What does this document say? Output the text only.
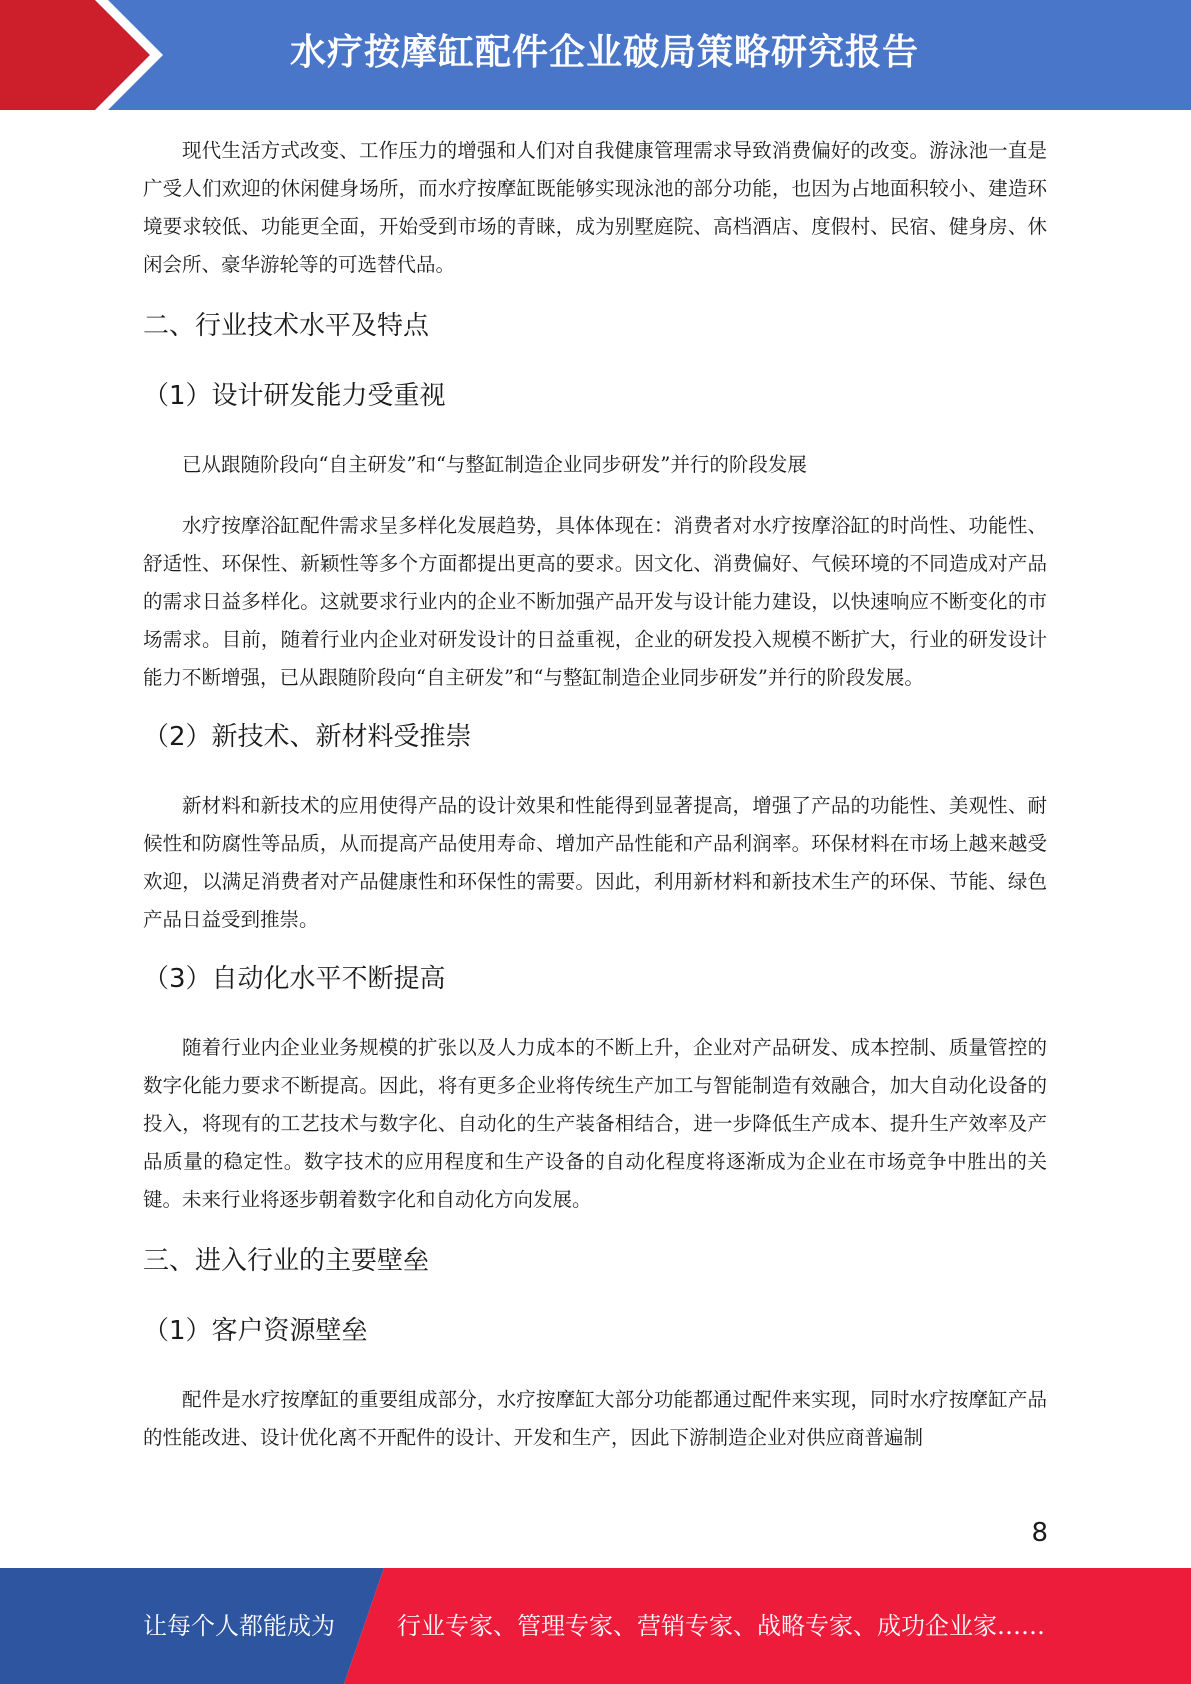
水疗按摩缸配件企业破局策略研究报告

现代生活方式改变、工作压力的增强和人们对自我健康管理需求导致消费偏好的改变。游泳池一直是广受人们欢迎的休闲健身场所，而水疗按摩缸既能够实现泳池的部分功能，也因为占地面积较小、建造环境要求较低、功能更全面，开始受到市场的青睐，成为别墅庭院、高档酒店、度假村、民宿、健身房、休闲会所、豪华游轮等的可选替代品。

二、行业技术水平及特点
（1）设计研发能力受重视

已从跟随阶段向“自主研发”和“与整缸制造企业同步研发”并行的阶段发展

水疗按摩浴缸配件需求呈多样化发展趋势，具体体现在：消费者对水疗按摩浴缸的时尚性、功能性、舒适性、环保性、新颖性等多个方面都提出更高的要求。因文化、消费偏好、气候环境的不同造成对产品的需求日益多样化。这就要求行业内的企业不断加强产品开发与设计能力建设，以快速响应不断变化的市场需求。目前，随着行业内企业对研发设计的日益重视，企业的研发投入规模不断扩大，行业的研发设计能力不断增强，已从跟随阶段向“自主研发”和“与整缸制造企业同步研发”并行的阶段发展。

（2）新技术、新材料受推崇

新材料和新技术的应用使得产品的设计效果和性能得到显著提高，增强了产品的功能性、美观性、耐候性和防腐性等品质，从而提高产品使用寿命、增加产品性能和产品利润率。环保材料在市场上越来越受欢迎，以满足消费者对产品健康性和环保性的需要。因此，利用新材料和新技术生产的环保、节能、绿色产品日益受到推崇。

（3）自动化水平不断提高

随着行业内企业业务规模的扩张以及人力成本的不断上升，企业对产品研发、成本控制、质量管控的数字化能力要求不断提高。因此，将有更多企业将传统生产加工与智能制造有效融合，加大自动化设备的投入，将现有的工艺技术与数字化、自动化的生产装备相结合，进一步降低生产成本、提升生产效率及产品质量的稳定性。数字技术的应用程度和生产设备的自动化程度将逐渐成为企业在市场竞争中胜出的关键。未来行业将逐步朝着数字化和自动化方向发展。

三、进入行业的主要壁垒
（1）客户资源壁垒

配件是水疗按摩缸的重要组成部分，水疗按摩缸大部分功能都通过配件来实现，同时水疗按摩缸产品的性能改进、设计优化离不开配件的设计、开发和生产，因此下游制造企业对供应商普遍制

8
让每个人都能成为	行业专家、管理专家、营销专家、战略专家、成功企业家……
